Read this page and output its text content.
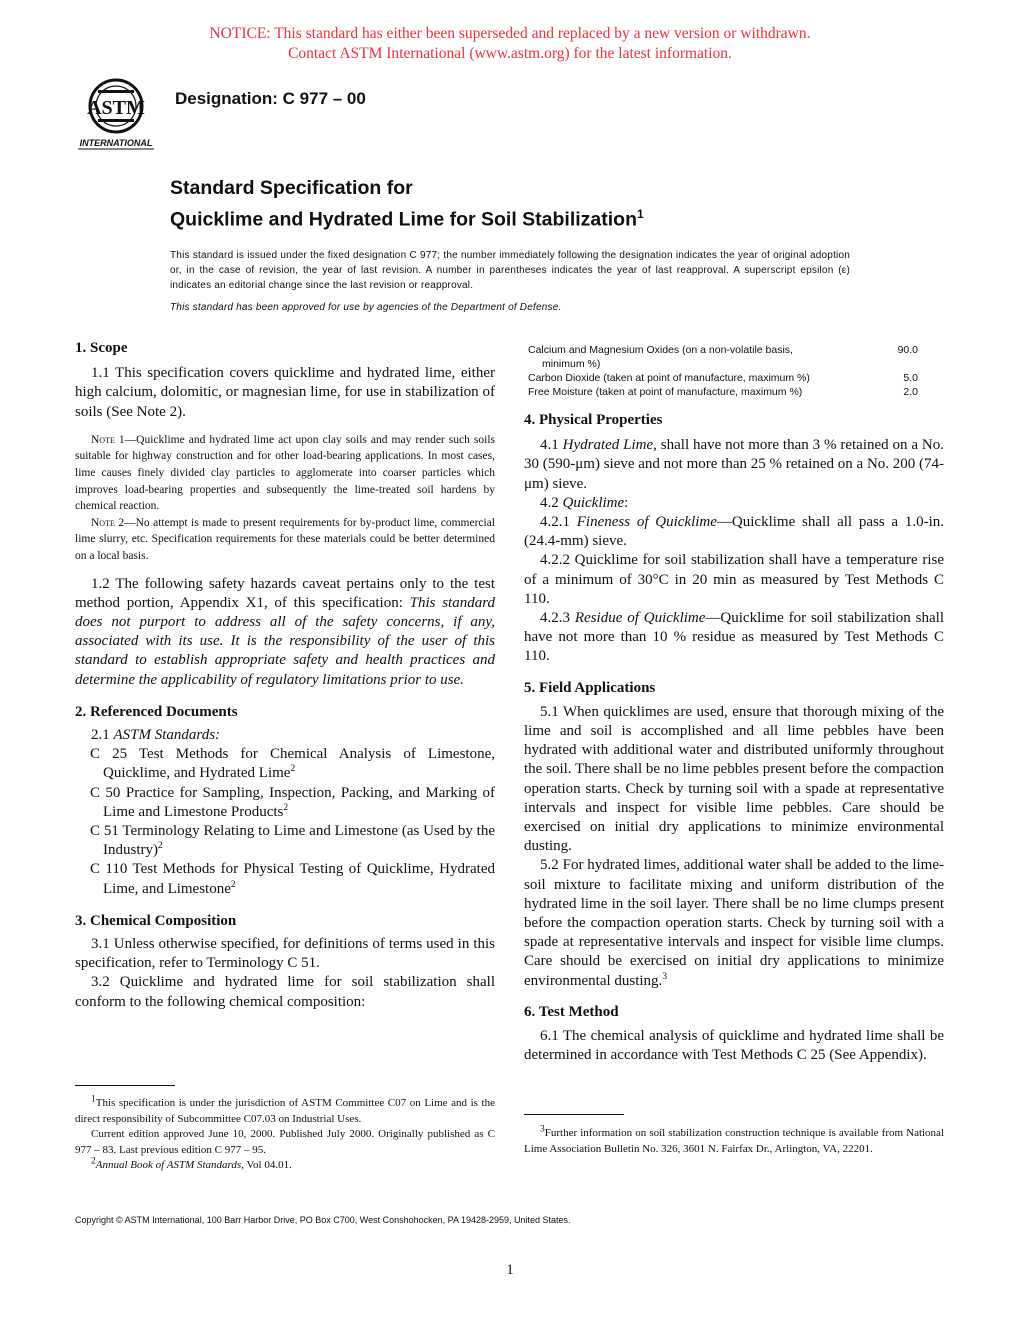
NOTICE: This standard has either been superseded and replaced by a new version or withdrawn.
Contact ASTM International (www.astm.org) for the latest information.
ASTM
INTERNATIONAL
Designation: C 977 – 00
Standard Specification for
Quicklime and Hydrated Lime for Soil Stabilization$^1$
This standard is issued under the fixed designation C 977; the number immediately following the designation indicates the year of original adoption or, in the case of revision, the year of last revision. A number in parentheses indicates the year of last reapproval. A superscript epsilon (ε) indicates an editorial change since the last revision or reapproval.
This standard has been approved for use by agencies of the Department of Defense.
1. Scope

1.1 This specification covers quicklime and hydrated lime, either high calcium, dolomitic, or magnesian lime, for use in stabilization of soils (See Note 2).

Note 1—Quicklime and hydrated lime act upon clay soils and may render such soils suitable for highway construction and for other load-bearing applications. In most cases, lime causes finely divided clay particles to agglomerate into coarser particles which improves load-bearing properties and subsequently the lime-treated soil hardens by chemical reaction.

Note 2—No attempt is made to present requirements for by-product lime, commercial lime slurry, etc. Specification requirements for these materials could be better determined on a local basis.

1.2 The following safety hazards caveat pertains only to the test method portion, Appendix X1, of this specification: This standard does not purport to address all of the safety concerns, if any, associated with its use. It is the responsibility of the user of this standard to establish appropriate safety and health practices and determine the applicability of regulatory limitations prior to use.

2. Referenced Documents

2.1 ASTM Standards:

C 25 Test Methods for Chemical Analysis of Limestone, Quicklime, and Hydrated Lime$^2$

C 50 Practice for Sampling, Inspection, Packing, and Marking of Lime and Limestone Products$^2$

C 51 Terminology Relating to Lime and Limestone (as Used by the Industry)$^2$

C 110 Test Methods for Physical Testing of Quicklime, Hydrated Lime, and Limestone$^2$

3. Chemical Composition

3.1 Unless otherwise specified, for definitions of terms used in this specification, refer to Terminology C 51.

3.2 Quicklime and hydrated lime for soil stabilization shall conform to the following chemical composition:

$^1$This specification is under the jurisdiction of ASTM Committee C07 on Lime and is the direct responsibility of Subcommittee C07.03 on Industrial Uses.

Current edition approved June 10, 2000. Published July 2000. Originally published as C 977 – 83. Last previous edition C 977 – 95.

$^2$Annual Book of ASTM Standards, Vol 04.01.

Calcium and Magnesium Oxides (on a non-volatile basis,
minimum %)
90.0
Carbon Dioxide (taken at point of manufacture, maximum %)	5.0
Free Moisture (taken at point of manufacture, maximum %)	2.0
4. Physical Properties

4.1 Hydrated Lime, shall have not more than 3 % retained on a No. 30 (590-μm) sieve and not more than 25 % retained on a No. 200 (74-μm) sieve.

4.2 Quicklime:

4.2.1 Fineness of Quicklime—Quicklime shall all pass a 1.0-in. (24.4-mm) sieve.

4.2.2 Quicklime for soil stabilization shall have a temperature rise of a minimum of 30°C in 20 min as measured by Test Methods C 110.

4.2.3 Residue of Quicklime—Quicklime for soil stabilization shall have not more than 10 % residue as measured by Test Methods C 110.

5. Field Applications

5.1 When quicklimes are used, ensure that thorough mixing of the lime and soil is accomplished and all lime pebbles have been hydrated with additional water and distributed uniformly throughout the soil. There shall be no lime pebbles present before the compaction operation starts. Check by turning soil with a spade at representative intervals and inspect for visible lime pebbles. Care should be exercised on initial dry applications to minimize environmental dusting.

5.2 For hydrated limes, additional water shall be added to the lime-soil mixture to facilitate mixing and uniform distribution of the hydrated lime in the soil layer. There shall be no lime clumps present before the compaction operation starts. Check by turning soil with a spade at representative intervals and inspect for visible lime clumps. Care should be exercised on initial dry applications to minimize environmental dusting.$^3$

6. Test Method

6.1 The chemical analysis of quicklime and hydrated lime shall be determined in accordance with Test Methods C 25 (See Appendix).

$^3$Further information on soil stabilization construction technique is available from National Lime Association Bulletin No. 326, 3601 N. Fairfax Dr., Arlington, VA, 22201.

Copyright © ASTM International, 100 Barr Harbor Drive, PO Box C700, West Conshohocken, PA 19428-2959, United States.
1
